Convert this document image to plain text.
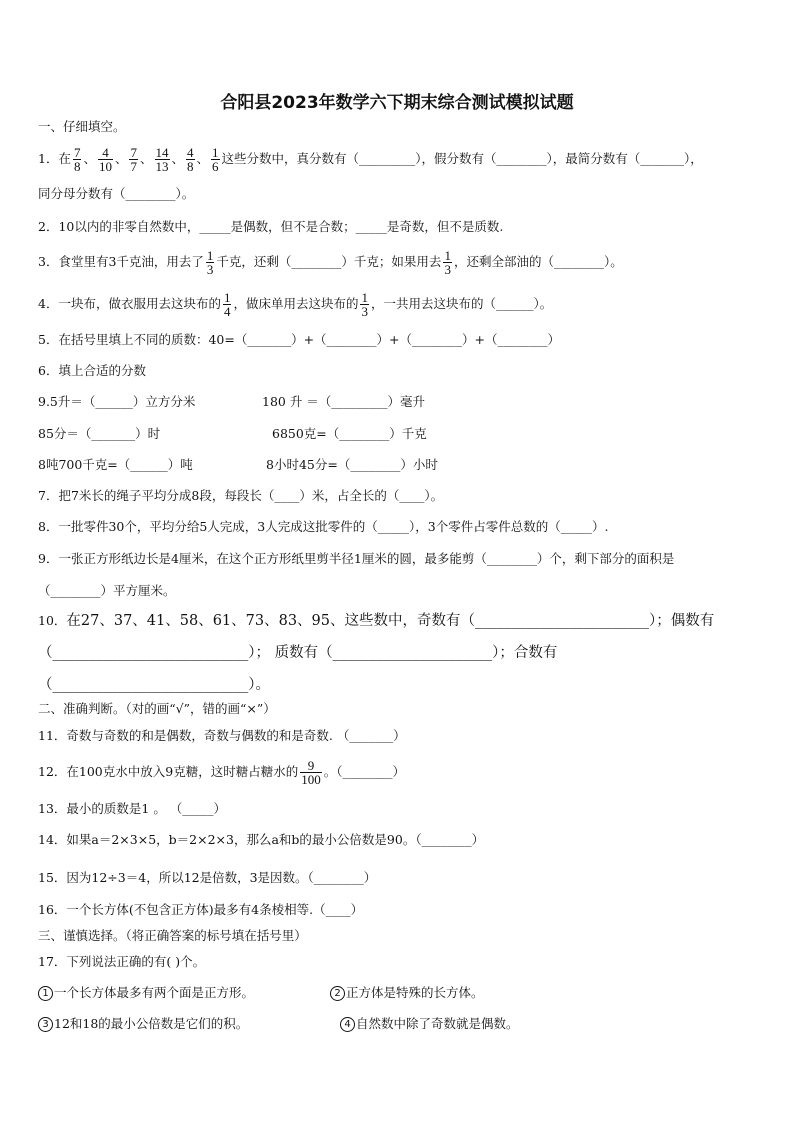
合阳县2023年数学六下期末综合测试模拟试题
一、仔细填空。
1．在 $\frac{7}{8}$ 、 $\frac{4}{10}$ 、 $\frac{7}{7}$ 、 $\frac{14}{13}$ 、 $\frac{4}{8}$ 、 $\frac{1}{6}$ 这些分数中，真分数有（_________），假分数有（________），最简分数有（_______），
同分母分数有（________）。
2．10以内的非零自然数中，_____是偶数，但不是合数；_____是奇数，但不是质数.
3．食堂里有3千克油，用去了 $\frac{1}{3}$ 千克，还剩（________）千克；如果用去 $\frac{1}{3}$ ，还剩全部油的（________）。
4．一块布，做衣服用去这块布的 $\frac{1}{4}$ ，做床单用去这块布的 $\frac{1}{3}$ ，一共用去这块布的（______）。
5．在括号里填上不同的质数：40=（_______）+（________）+（________）+（________）
6．填上合适的分数
9.5升＝（______）立方分米	180 升 ＝（_________）毫升
85分＝（_______）时	6850克=（________）千克
8吨700千克=（______）吨	8小时45分=（________）小时
7．把7米长的绳子平均分成8段，每段长（____）米，占全长的（____）。
8．一批零件30个，平均分给5人完成，3人完成这批零件的（_____），3个零件占零件总数的（_____）.
9．一张正方形纸边长是4厘米，在这个正方形纸里剪半径1厘米的圆，最多能剪（________）个，剩下部分的面积是
（________）平方厘米。
10．在27、37、41、58、61、73、83、95、这些数中，奇数有（________________________）；偶数有
（___________________________）； 质数有（______________________）；合数有
（___________________________）。
二、准确判断。（对的画“√”，错的画“×”）
11．奇数与奇数的和是偶数，奇数与偶数的和是奇数. （_______）
12．在100克水中放入9克糖，这时糖占糖水的 $\frac{9}{100}$ 。（________）
13．最小的质数是1 。 （_____）
14．如果a＝2×3×5，b＝2×2×3，那么a和b的最小公倍数是90。（________）
15．因为12÷3＝4，所以12是倍数，3是因数。（________）
16．一个长方体(不包含正方体)最多有4条棱相等.（____）
三、谨慎选择。（将正确答案的标号填在括号里）
17．下列说法正确的有( )个。
1 一个长方体最多有两个面是正方形。	2 正方体是特殊的长方体。
3 12和18的最小公倍数是它们的积。	4 自然数中除了奇数就是偶数。
